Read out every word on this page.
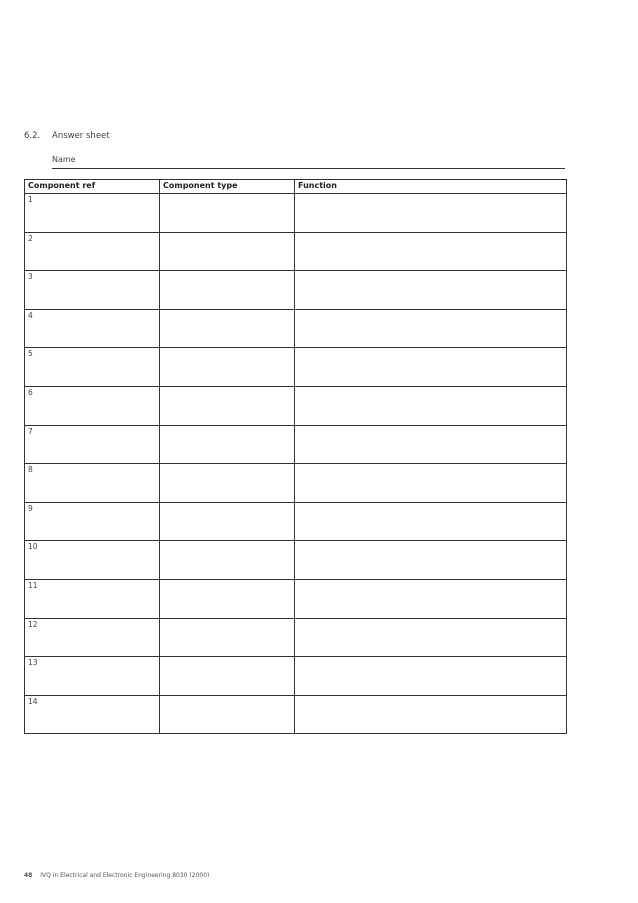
6.2.	Answer sheet
Name
Component ref	Component type	Function
1		
2		
3		
4		
5		
6		
7		
8		
9		
10		
11		
12		
13		
14		
48 IVQ in Electrical and Electronic Engineering 8030 (2000)
